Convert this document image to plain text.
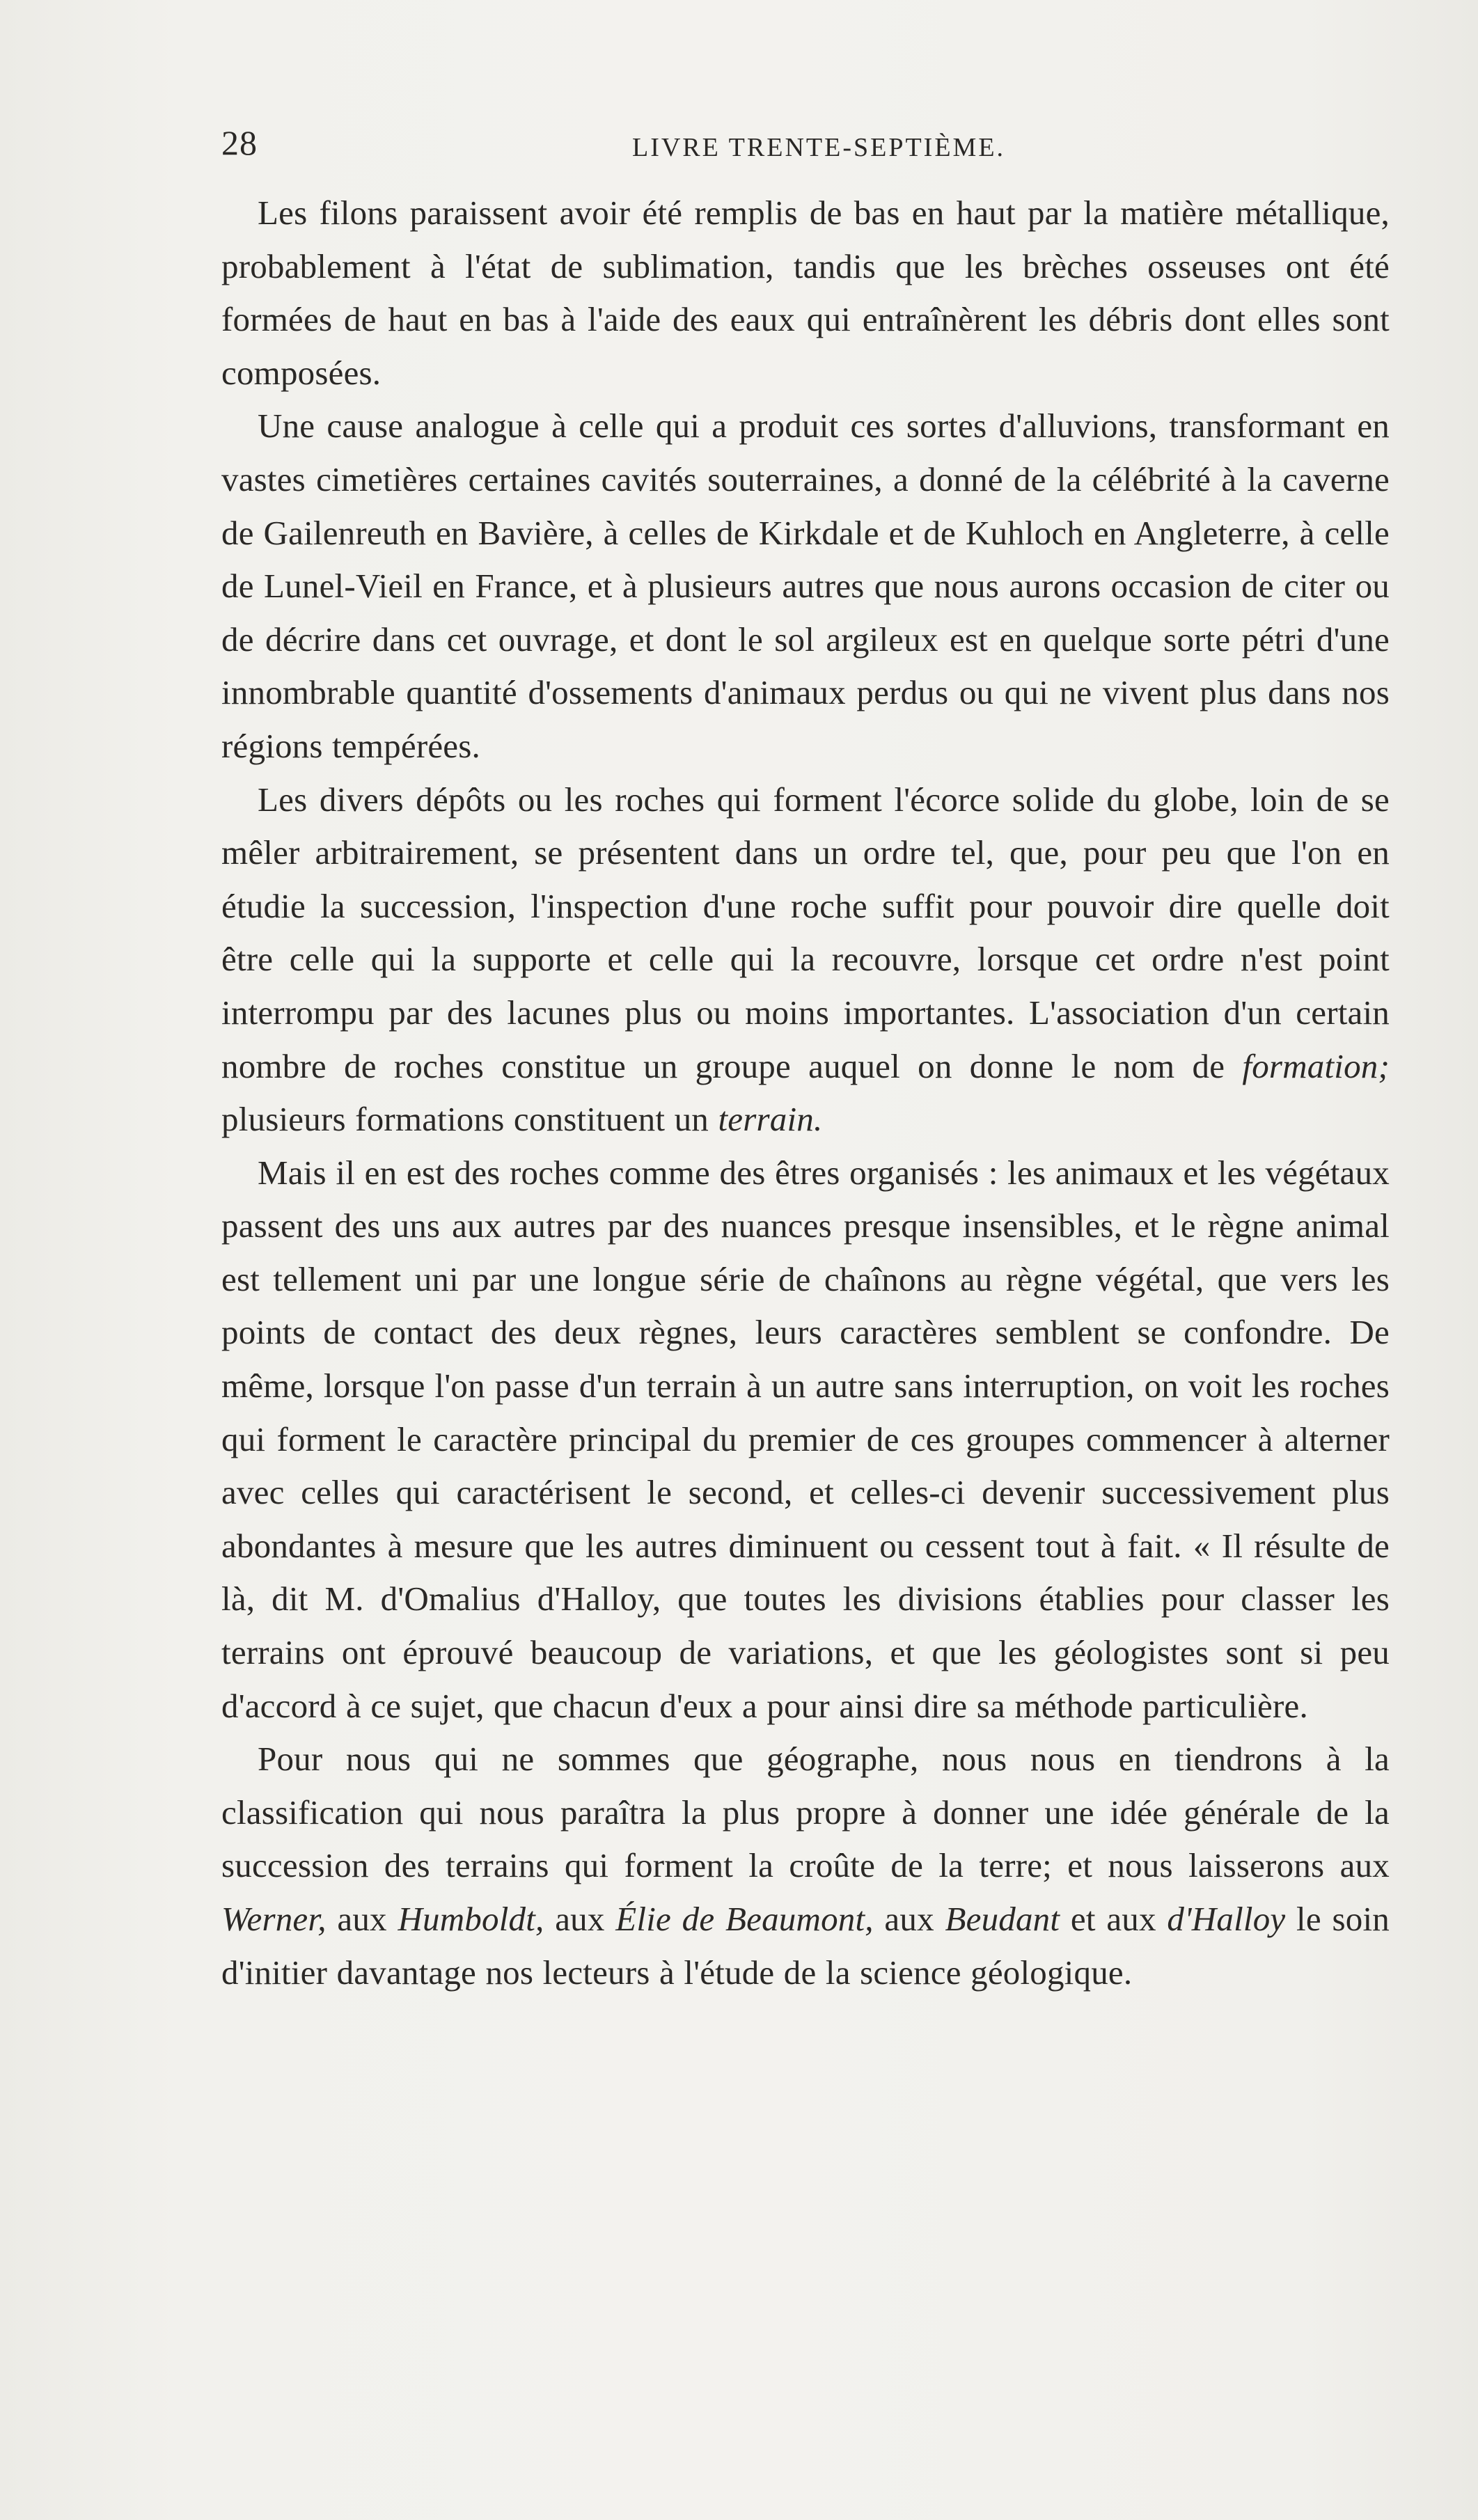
28	LIVRE TRENTE-SEPTIÈME.

Les filons paraissent avoir été remplis de bas en haut par la matière métallique, probablement à l'état de sublimation, tandis que les brèches osseuses ont été formées de haut en bas à l'aide des eaux qui entraînèrent les débris dont elles sont composées.

Une cause analogue à celle qui a produit ces sortes d'alluvions, transformant en vastes cimetières certaines cavités souterraines, a donné de la célébrité à la caverne de Gailenreuth en Bavière, à celles de Kirkdale et de Kuhloch en Angleterre, à celle de Lunel-Vieil en France, et à plusieurs autres que nous aurons occasion de citer ou de décrire dans cet ouvrage, et dont le sol argileux est en quelque sorte pétri d'une innombrable quantité d'ossements d'animaux perdus ou qui ne vivent plus dans nos régions tempérées.

Les divers dépôts ou les roches qui forment l'écorce solide du globe, loin de se mêler arbitrairement, se présentent dans un ordre tel, que, pour peu que l'on en étudie la succession, l'inspection d'une roche suffit pour pouvoir dire quelle doit être celle qui la supporte et celle qui la recouvre, lorsque cet ordre n'est point interrompu par des lacunes plus ou moins importantes. L'association d'un certain nombre de roches constitue un groupe auquel on donne le nom de formation; plusieurs formations constituent un terrain.

Mais il en est des roches comme des êtres organisés : les animaux et les végétaux passent des uns aux autres par des nuances presque insensibles, et le règne animal est tellement uni par une longue série de chaînons au règne végétal, que vers les points de contact des deux règnes, leurs caractères semblent se confondre. De même, lorsque l'on passe d'un terrain à un autre sans interruption, on voit les roches qui forment le caractère principal du premier de ces groupes commencer à alterner avec celles qui caractérisent le second, et celles-ci devenir successivement plus abondantes à mesure que les autres diminuent ou cessent tout à fait. « Il résulte de là, dit M. d'Omalius d'Halloy, que toutes les divisions établies pour classer les terrains ont éprouvé beaucoup de variations, et que les géologistes sont si peu d'accord à ce sujet, que chacun d'eux a pour ainsi dire sa méthode particulière.

Pour nous qui ne sommes que géographe, nous nous en tiendrons à la classification qui nous paraîtra la plus propre à donner une idée générale de la succession des terrains qui forment la croûte de la terre; et nous laisserons aux Werner, aux Humboldt, aux Élie de Beaumont, aux Beudant et aux d'Halloy le soin d'initier davantage nos lecteurs à l'étude de la science géologique.
